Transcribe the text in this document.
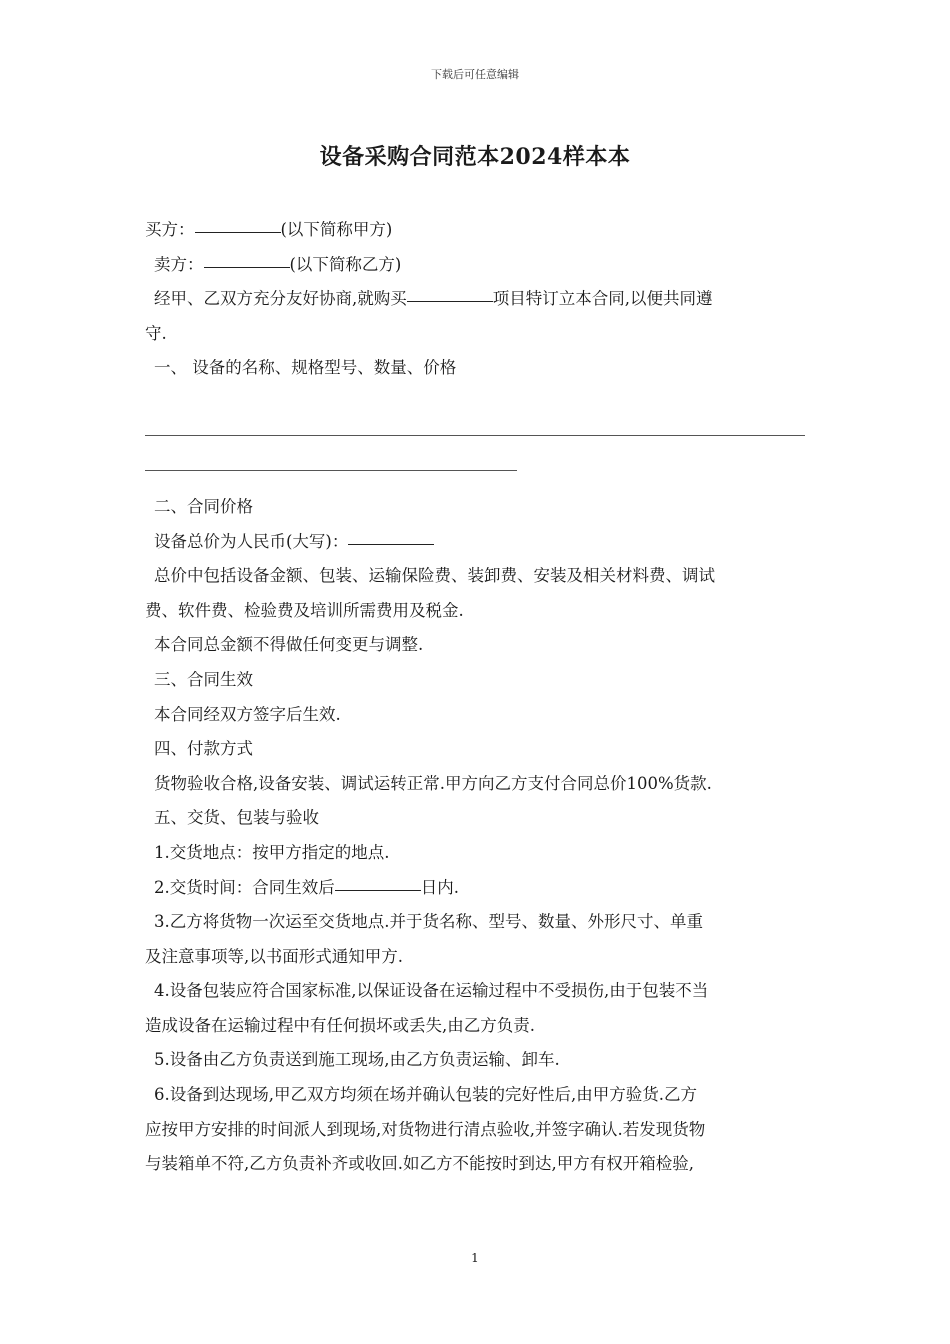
下载后可任意编辑
设备采购合同范本2024样本本

买方：	(以下简称甲方)

卖方：	(以下简称乙方)

经甲、乙双方充分友好协商,就购买	项目特订立本合同,以便共同遵

守.

一、 设备的名称、规格型号、数量、价格

二、合同价格

设备总价为人民币(大写)：

总价中包括设备金额、包装、运输保险费、装卸费、安装及相关材料费、调试

费、软件费、检验费及培训所需费用及税金.

本合同总金额不得做任何变更与调整.

三、合同生效

本合同经双方签字后生效.

四、付款方式

货物验收合格,设备安装、调试运转正常.甲方向乙方支付合同总价100%货款.

五、交货、包装与验收

1.交货地点：按甲方指定的地点.

2.交货时间：合同生效后	日内.

3.乙方将货物一次运至交货地点.并于货名称、型号、数量、外形尺寸、单重

及注意事项等,以书面形式通知甲方.

4.设备包装应符合国家标准,以保证设备在运输过程中不受损伤,由于包装不当

造成设备在运输过程中有任何损坏或丢失,由乙方负责.

5.设备由乙方负责送到施工现场,由乙方负责运输、卸车.

6.设备到达现场,甲乙双方均须在场并确认包装的完好性后,由甲方验货.乙方

应按甲方安排的时间派人到现场,对货物进行清点验收,并签字确认.若发现货物

与装箱单不符,乙方负责补齐或收回.如乙方不能按时到达,甲方有权开箱检验,

1
